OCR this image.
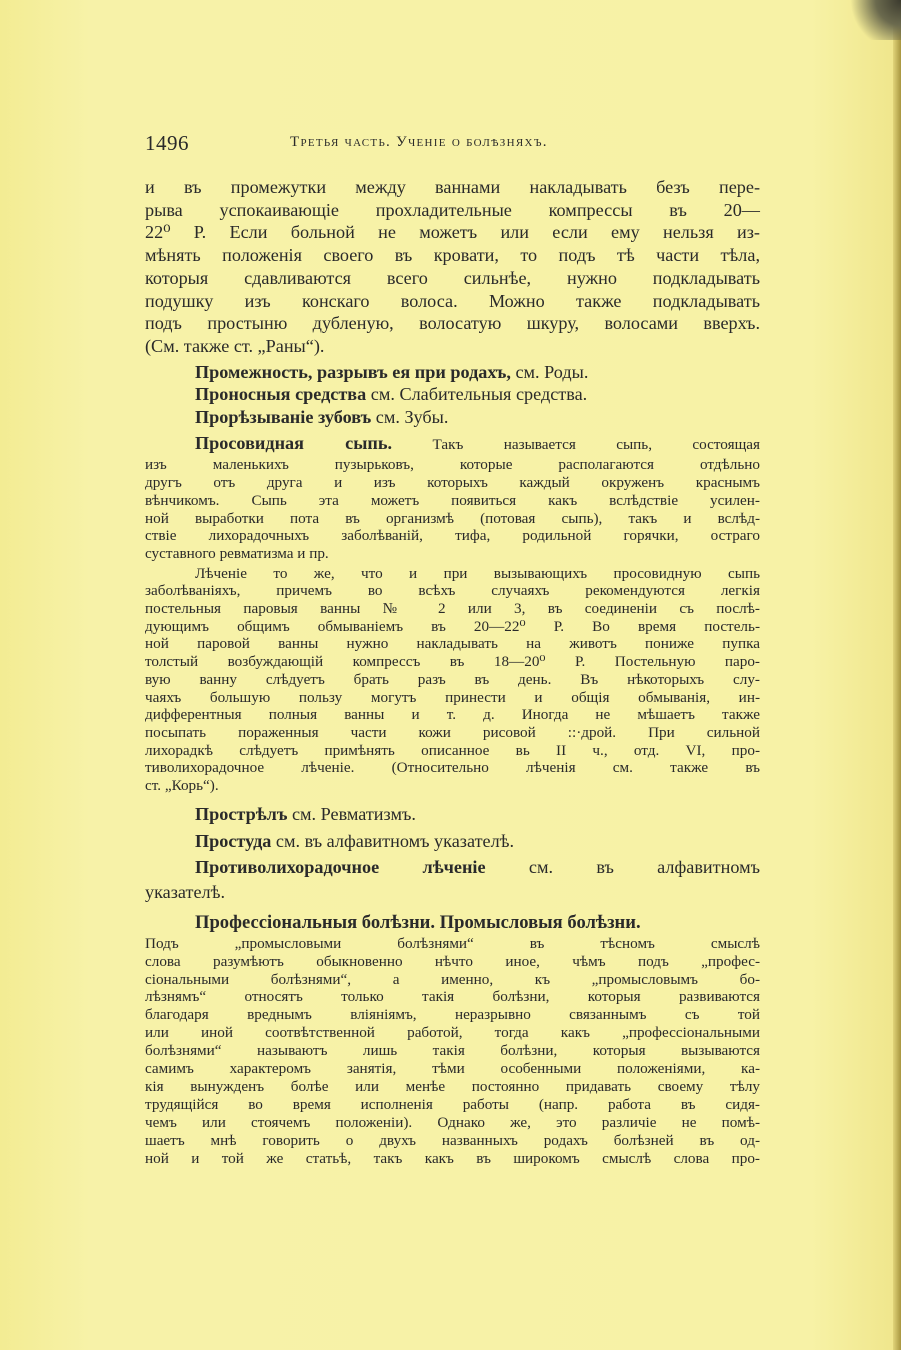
1496	Третья часть. Ученіе о болѣзняхъ.
и въ промежутки между ваннами накладывать безъ пере-
рыва успокаивающіе прохладительные компрессы въ 20—
22⁰ Р. Если больной не можетъ или если ему нельзя из-
мѣнять положенія своего въ кровати, то подъ тѣ части тѣла,
которыя сдавливаются всего сильнѣе, нужно подкладывать
подушку изъ конскаго волоса. Можно также подкладывать
подъ простыню дубленую, волосатую шкуру, волосами вверхъ.
(См. также ст. „Раны“).

Промежность, разрывъ ея при родахъ, см. Роды.

Проносныя средства см. Слабительныя средства.

Прорѣзываніе зубовъ см. Зубы.

Просовидная сыпь. Такъ называется сыпь, состоящая
изъ маленькихъ пузырьковъ, которые располагаются отдѣльно
другъ отъ друга и изъ которыхъ каждый окруженъ краснымъ
вѣнчикомъ. Сыпь эта можетъ появиться какъ вслѣдствіе усилен-
ной выработки пота въ организмѣ (потовая сыпь), такъ и вслѣд-
ствіе лихорадочныхъ заболѣваній, тифа, родильной горячки, остраго
суставного ревматизма и пр.
Лѣченіе то же, что и при вызывающихъ просовидную сыпь
заболѣваніяхъ, причемъ во всѣхъ случаяхъ рекомендуются легкія
постельныя паровыя ванны № 2 или 3, въ соединеніи съ послѣ-
дующимъ общимъ обмываніемъ въ 20—22⁰ Р. Во время постель-
ной паровой ванны нужно накладывать на животъ пониже пупка
толстый возбуждающій компрессъ въ 18—20⁰ Р. Постельную паро-
вую ванну слѣдуетъ брать разъ въ день. Въ нѣкоторыхъ слу-
чаяхъ большую пользу могутъ принести и общія обмыванія, ин-
дифферентныя полныя ванны и т. д. Иногда не мѣшаетъ также
посыпать пораженныя части кожи рисовой ::·дрой. При сильной
лихорадкѣ слѣдуетъ примѣнять описанное вь II ч., отд. VI, про-
тиволихорадочное лѣченіе. (Относительно лѣченія см. также въ
ст. „Корь“).

Прострѣлъ см. Ревматизмъ.

Простуда см. въ алфавитномъ указателѣ.

Противолихорадочное лѣченіе см. въ алфавитномъ
указателѣ.
Профессіональныя болѣзни. Промысловыя болѣзни.
Подъ „промысловыми болѣзнями“ въ тѣсномъ смыслѣ
слова разумѣютъ обыкновенно нѣчто иное, чѣмъ подъ „профес-
сіональными болѣзнями“, а именно, къ „промысловымъ бо-
лѣзнямъ“ относятъ только такія болѣзни, которыя развиваются
благодаря вреднымъ вліяніямъ, неразрывно связаннымъ съ той
или иной соотвѣтственной работой, тогда какъ „профессіональными
болѣзнями“ называютъ лишь такія болѣзни, которыя вызываются
самимъ характеромъ занятія, тѣми особенными положеніями, ка-
кія вынужденъ болѣе или менѣе постоянно придавать своему тѣлу
трудящійся во время исполненія работы (напр. работа въ сидя-
чемъ или стоячемъ положеніи). Однако же, это различіе не помѣ-
шаетъ мнѣ говорить о двухъ названныхъ родахъ болѣзней въ од-
ной и той же статьѣ, такъ какъ въ широкомъ смыслѣ слова про-
